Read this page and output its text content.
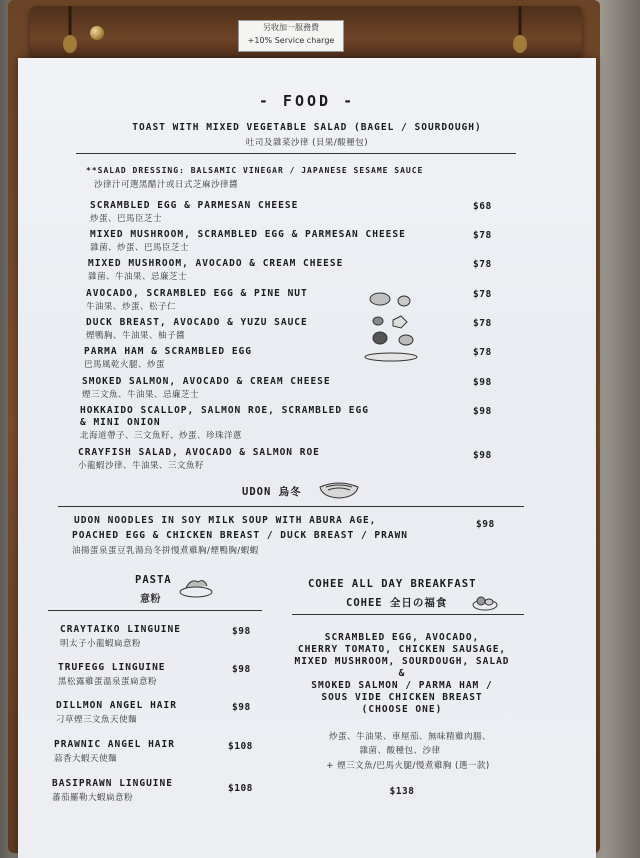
另收加一服務費
+10% Service charge
- FOOD -
TOAST WITH MIXED VEGETABLE SALAD (BAGEL / SOURDOUGH)
吐司及雜菜沙律 (貝果/酸種包)
**SALAD DRESSING: BALSAMIC VINEGAR / JAPANESE SESAME SAUCE
沙律汁可選黑醋汁或日式芝麻沙律醬
SCRAMBLED EGG & PARMESAN CHEESE
炒蛋、巴馬臣芝士
$68
MIXED MUSHROOM, SCRAMBLED EGG & PARMESAN CHEESE
雜菌、炒蛋、巴馬臣芝士
$78
MIXED MUSHROOM, AVOCADO & CREAM CHEESE
雜菌、牛油果、忌廉芝士
$78
AVOCADO, SCRAMBLED EGG & PINE NUT
牛油果、炒蛋、松子仁
$78
DUCK BREAST, AVOCADO & YUZU SAUCE
煙鴨胸、牛油果、柚子醬
$78
PARMA HAM & SCRAMBLED EGG
巴馬風乾火腿、炒蛋
$78
SMOKED SALMON, AVOCADO & CREAM CHEESE
煙三文魚、牛油果、忌廉芝士
$98
HOKKAIDO SCALLOP, SALMON ROE, SCRAMBLED EGG
& MINI ONION
北海道帶子、三文魚籽、炒蛋、珍珠洋蔥
$98
CRAYFISH SALAD, AVOCADO & SALMON ROE
小龍蝦沙律、牛油果、三文魚籽
$98
UDON 烏冬
UDON NOODLES IN SOY MILK SOUP WITH ABURA AGE,
POACHED EGG & CHICKEN BREAST / DUCK BREAST / PRAWN
油揚蛋泉蛋豆乳湯烏冬拼慢煮雞胸/煙鴨胸/蝦蝦
$98
PASTA
意粉
CRAYTAIKO LINGUINE
明太子小龍蝦扁意粉
$98
TRUFEGG LINGUINE
黑松露雞蛋溫泉蛋扁意粉
$98
DILLMON ANGEL HAIR
刁草煙三文魚天使麵
$98
PRAWNIC ANGEL HAIR
蒜香大蝦天使麵
$108
BASIPRAWN LINGUINE
蕃茄羅勒大蝦扁意粉
$108
COHEE ALL DAY BREAKFAST
COHEE 全日の福食
SCRAMBLED EGG, AVOCADO,
CHERRY TOMATO, CHICKEN SAUSAGE,
MIXED MUSHROOM, SOURDOUGH, SALAD
&
SMOKED SALMON / PARMA HAM /
SOUS VIDE CHICKEN BREAST
(CHOOSE ONE)
炒蛋、牛油果、車厘茄、無味精雞肉腸、
雜菌、酸種包、沙律
+ 煙三文魚/巴馬火腿/慢煮雞胸 (選一款)
$138
